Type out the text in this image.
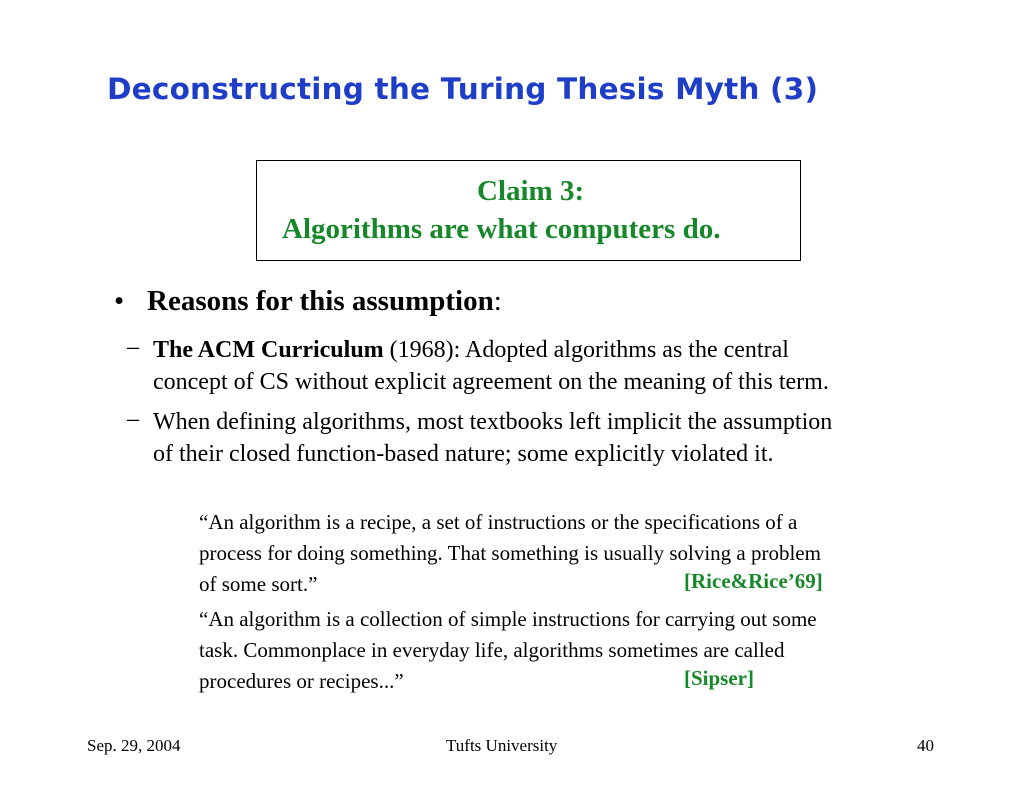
Deconstructing the Turing Thesis Myth (3)
Claim 3:
Algorithms are what computers do.
• Reasons for this assumption:
– The ACM Curriculum (1968): Adopted algorithms as the central
concept of CS without explicit agreement on the meaning of this term.
– When defining algorithms, most textbooks left implicit the assumption
of their closed function-based nature; some explicitly violated it.
“An algorithm is a recipe, a set of instructions or the specifications of a
process for doing something. That something is usually solving a problem
of some sort.”	[Rice&Rice’69]
“An algorithm is a collection of simple instructions for carrying out some
task. Commonplace in everyday life, algorithms sometimes are called
procedures or recipes...”	[Sipser]
Sep. 29, 2004	Tufts University	40
